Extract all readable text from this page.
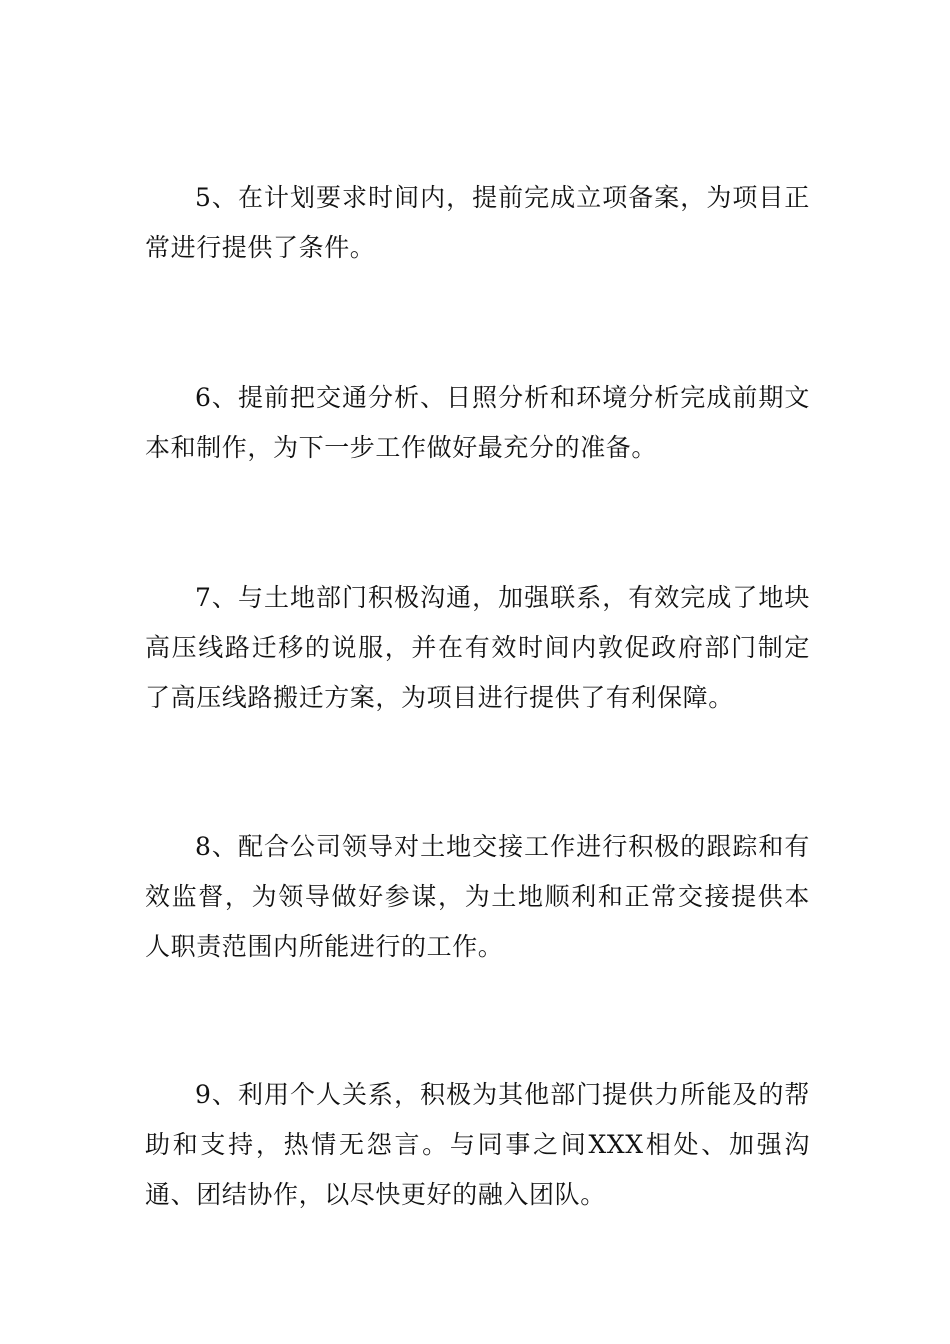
5、在计划要求时间内，提前完成立项备案，为项目正常进行提供了条件。

6、提前把交通分析、日照分析和环境分析完成前期文本和制作，为下一步工作做好最充分的准备。

7、与土地部门积极沟通，加强联系，有效完成了地块高压线路迁移的说服，并在有效时间内敦促政府部门制定了高压线路搬迁方案，为项目进行提供了有利保障。

8、配合公司领导对土地交接工作进行积极的跟踪和有效监督，为领导做好参谋，为土地顺利和正常交接提供本人职责范围内所能进行的工作。

9、利用个人关系，积极为其他部门提供力所能及的帮助和支持，热情无怨言。与同事之间XXX相处、加强沟通、团结协作，以尽快更好的融入团队。
